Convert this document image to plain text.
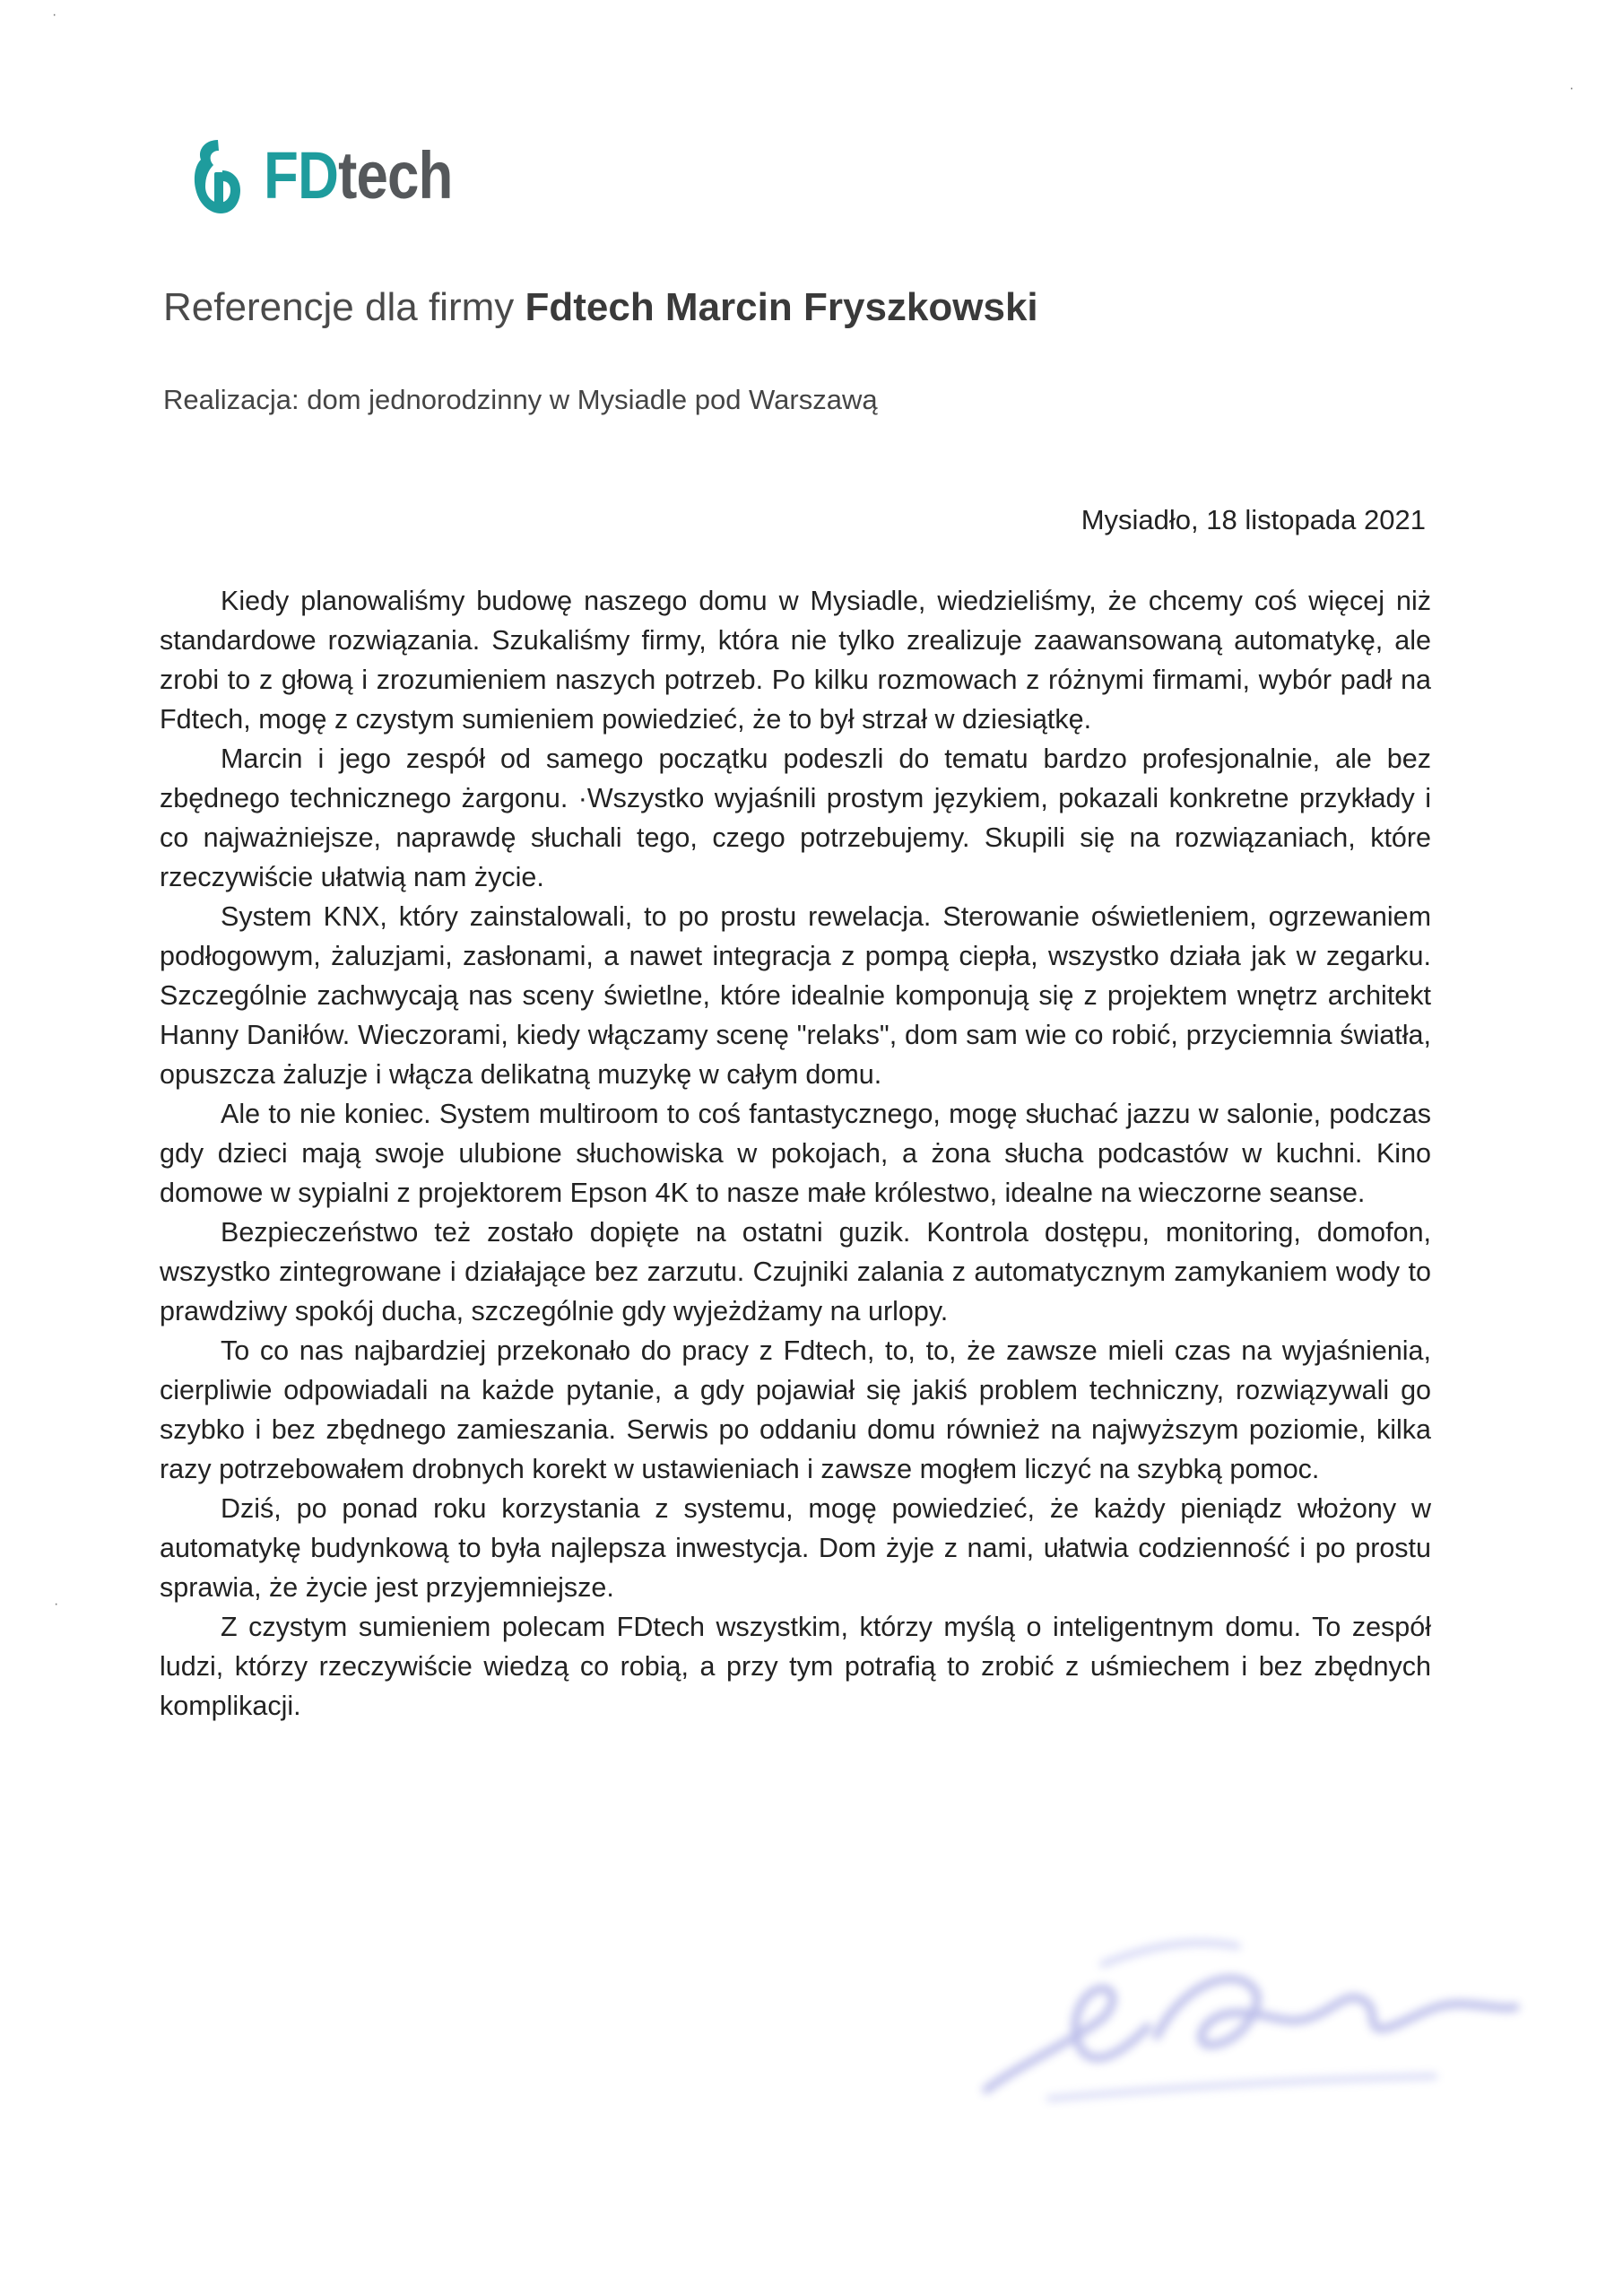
FDtech
Referencje dla firmy Fdtech Marcin Fryszkowski

Realizacja: dom jednorodzinny w Mysiadle pod Warszawą

Mysiadło, 18 listopada 2021

Kiedy planowaliśmy budowę naszego domu w Mysiadle, wiedzieliśmy, że chcemy coś więcej niż standardowe rozwiązania. Szukaliśmy firmy, która nie tylko zrealizuje zaawansowaną automatykę, ale zrobi to z głową i zrozumieniem naszych potrzeb. Po kilku rozmowach z różnymi firmami, wybór padł na Fdtech, mogę z czystym sumieniem powiedzieć, że to był strzał w dziesiątkę.

Marcin i jego zespół od samego początku podeszli do tematu bardzo profesjonalnie, ale bez zbędnego technicznego żargonu. ·Wszystko wyjaśnili prostym językiem, pokazali konkretne przykłady i co najważniejsze, naprawdę słuchali tego, czego potrzebujemy. Skupili się na rozwiązaniach, które rzeczywiście ułatwią nam życie.

System KNX, który zainstalowali, to po prostu rewelacja. Sterowanie oświetleniem, ogrzewaniem podłogowym, żaluzjami, zasłonami, a nawet integracja z pompą ciepła, wszystko działa jak w zegarku. Szczególnie zachwycają nas sceny świetlne, które idealnie komponują się z projektem wnętrz architekt Hanny Daniłów. Wieczorami, kiedy włączamy scenę "relaks", dom sam wie co robić, przyciemnia światła, opuszcza żaluzje i włącza delikatną muzykę w całym domu.

Ale to nie koniec. System multiroom to coś fantastycznego, mogę słuchać jazzu w salonie, podczas gdy dzieci mają swoje ulubione słuchowiska w pokojach, a żona słucha podcastów w kuchni. Kino domowe w sypialni z projektorem Epson 4K to nasze małe królestwo, idealne na wieczorne seanse.

Bezpieczeństwo też zostało dopięte na ostatni guzik. Kontrola dostępu, monitoring, domofon, wszystko zintegrowane i działające bez zarzutu. Czujniki zalania z automatycznym zamykaniem wody to prawdziwy spokój ducha, szczególnie gdy wyjeżdżamy na urlopy.

To co nas najbardziej przekonało do pracy z Fdtech, to, to, że zawsze mieli czas na wyjaśnienia, cierpliwie odpowiadali na każde pytanie, a gdy pojawiał się jakiś problem techniczny, rozwiązywali go szybko i bez zbędnego zamieszania. Serwis po oddaniu domu również na najwyższym poziomie, kilka razy potrzebowałem drobnych korekt w ustawieniach i zawsze mogłem liczyć na szybką pomoc.

Dziś, po ponad roku korzystania z systemu, mogę powiedzieć, że każdy pieniądz włożony w automatykę budynkową to była najlepsza inwestycja. Dom żyje z nami, ułatwia codzienność i po prostu sprawia, że życie jest przyjemniejsze.

Z czystym sumieniem polecam FDtech wszystkim, którzy myślą o inteligentnym domu. To zespół ludzi, którzy rzeczywiście wiedzą co robią, a przy tym potrafią to zrobić z uśmiechem i bez zbędnych komplikacji.

·
·
·
